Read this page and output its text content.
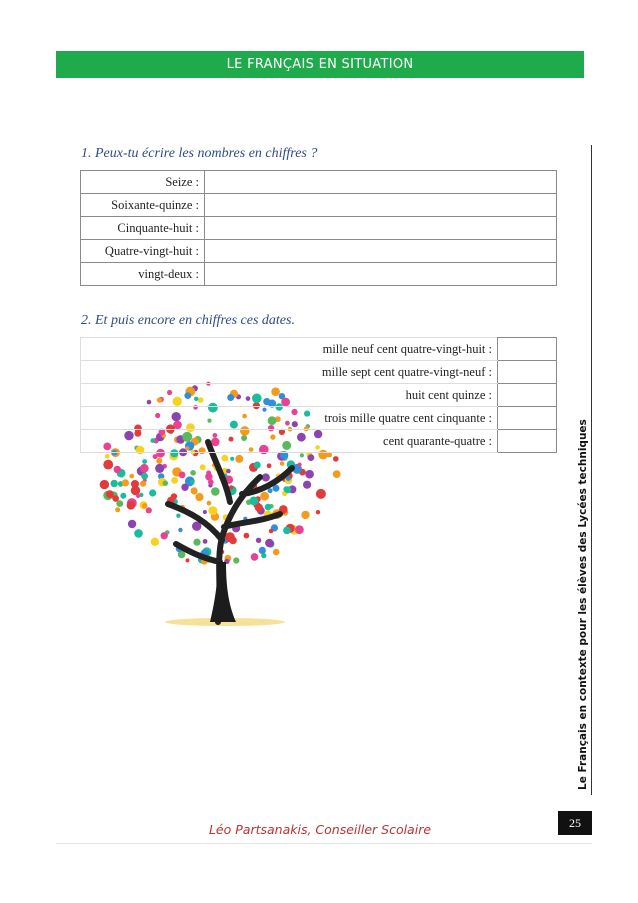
LE FRANÇAIS EN SITUATION
1. Peux-tu écrire les nombres en chiffres ?
Seize :	
Soixante-quinze :	
Cinquante-huit :	
Quatre-vingt-huit :	
vingt-deux :	
2. Et puis encore en chiffres ces dates.
mille neuf cent quatre-vingt-huit :	
mille sept cent quatre-vingt-neuf :	
huit cent quinze :	
trois mille quatre cent cinquante :	
cent quarante-quatre :		Le Français en contexte pour les élèves des Lycées techniques
25
Léo Partsanakis, Conseiller Scolaire
